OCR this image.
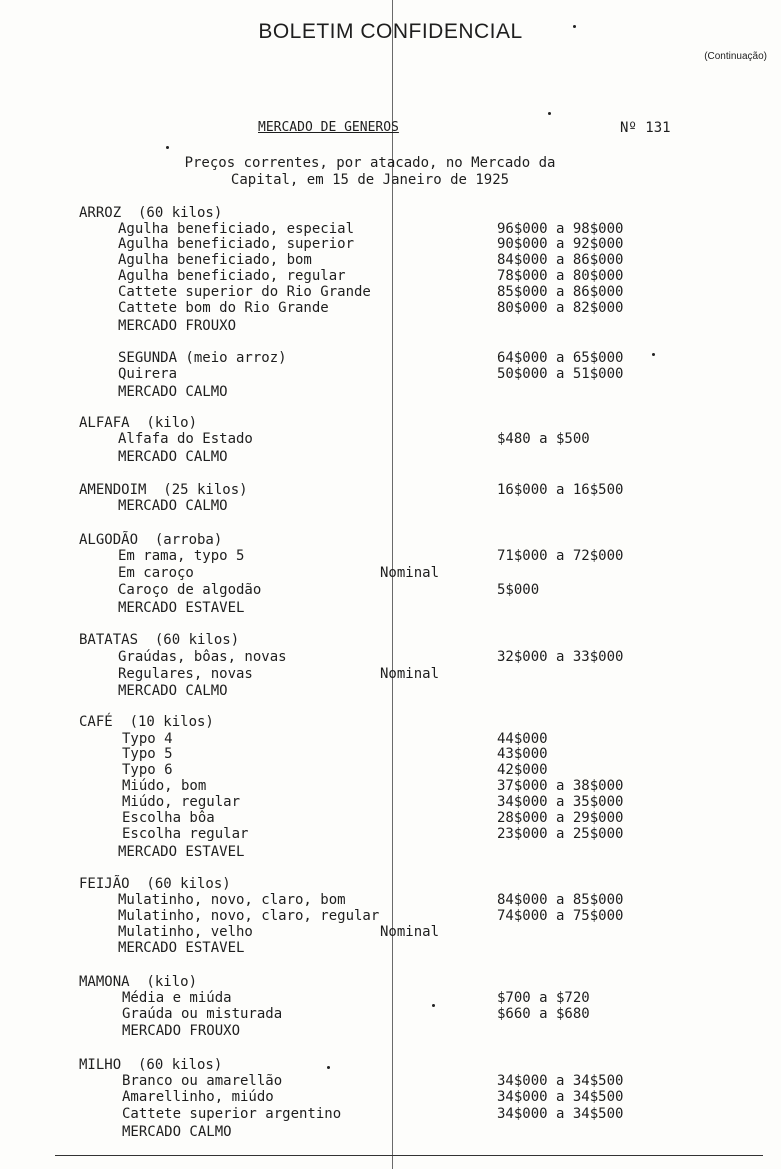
BOLETIM CONFIDENCIAL
(Continuação)
MERCADO DE GENEROS	Nº 131
Preços correntes, por atacado, no Mercado da
Capital, em 15 de Janeiro de 1925
ARROZ  (60 kilos)
Agulha beneficiado, especial	96$000 a 98$000
Agulha beneficiado, superior	90$000 a 92$000
Agulha beneficiado, bom	84$000 a 86$000
Agulha beneficiado, regular	78$000 a 80$000
Cattete superior do Rio Grande	85$000 a 86$000
Cattete bom do Rio Grande	80$000 a 82$000
MERCADO FROUXO
SEGUNDA (meio arroz)	64$000 a 65$000
Quirera	50$000 a 51$000
MERCADO CALMO
ALFAFA  (kilo)
Alfafa do Estado	$480 a $500
MERCADO CALMO
AMENDOIM  (25 kilos)	16$000 a 16$500
MERCADO CALMO
ALGODÃO  (arroba)
Em rama, typo 5	71$000 a 72$000
Em caroço	Nominal
Caroço de algodão	5$000
MERCADO ESTAVEL
BATATAS  (60 kilos)
Graúdas, bôas, novas	32$000 a 33$000
Regulares, novas	Nominal
MERCADO CALMO
CAFÉ  (10 kilos)
Typo 4	44$000
Typo 5	43$000
Typo 6	42$000
Miúdo, bom	37$000 a 38$000
Miúdo, regular	34$000 a 35$000
Escolha bôa	28$000 a 29$000
Escolha regular	23$000 a 25$000
MERCADO ESTAVEL
FEIJÃO  (60 kilos)
Mulatinho, novo, claro, bom	84$000 a 85$000
Mulatinho, novo, claro, regular	74$000 a 75$000
Mulatinho, velho	Nominal
MERCADO ESTAVEL
MAMONA  (kilo)
Média e miúda	$700 a $720
Graúda ou misturada	$660 a $680
MERCADO FROUXO
MILHO  (60 kilos)
Branco ou amarellão	34$000 a 34$500
Amarellinho, miúdo	34$000 a 34$500
Cattete superior argentino	34$000 a 34$500
MERCADO CALMO
